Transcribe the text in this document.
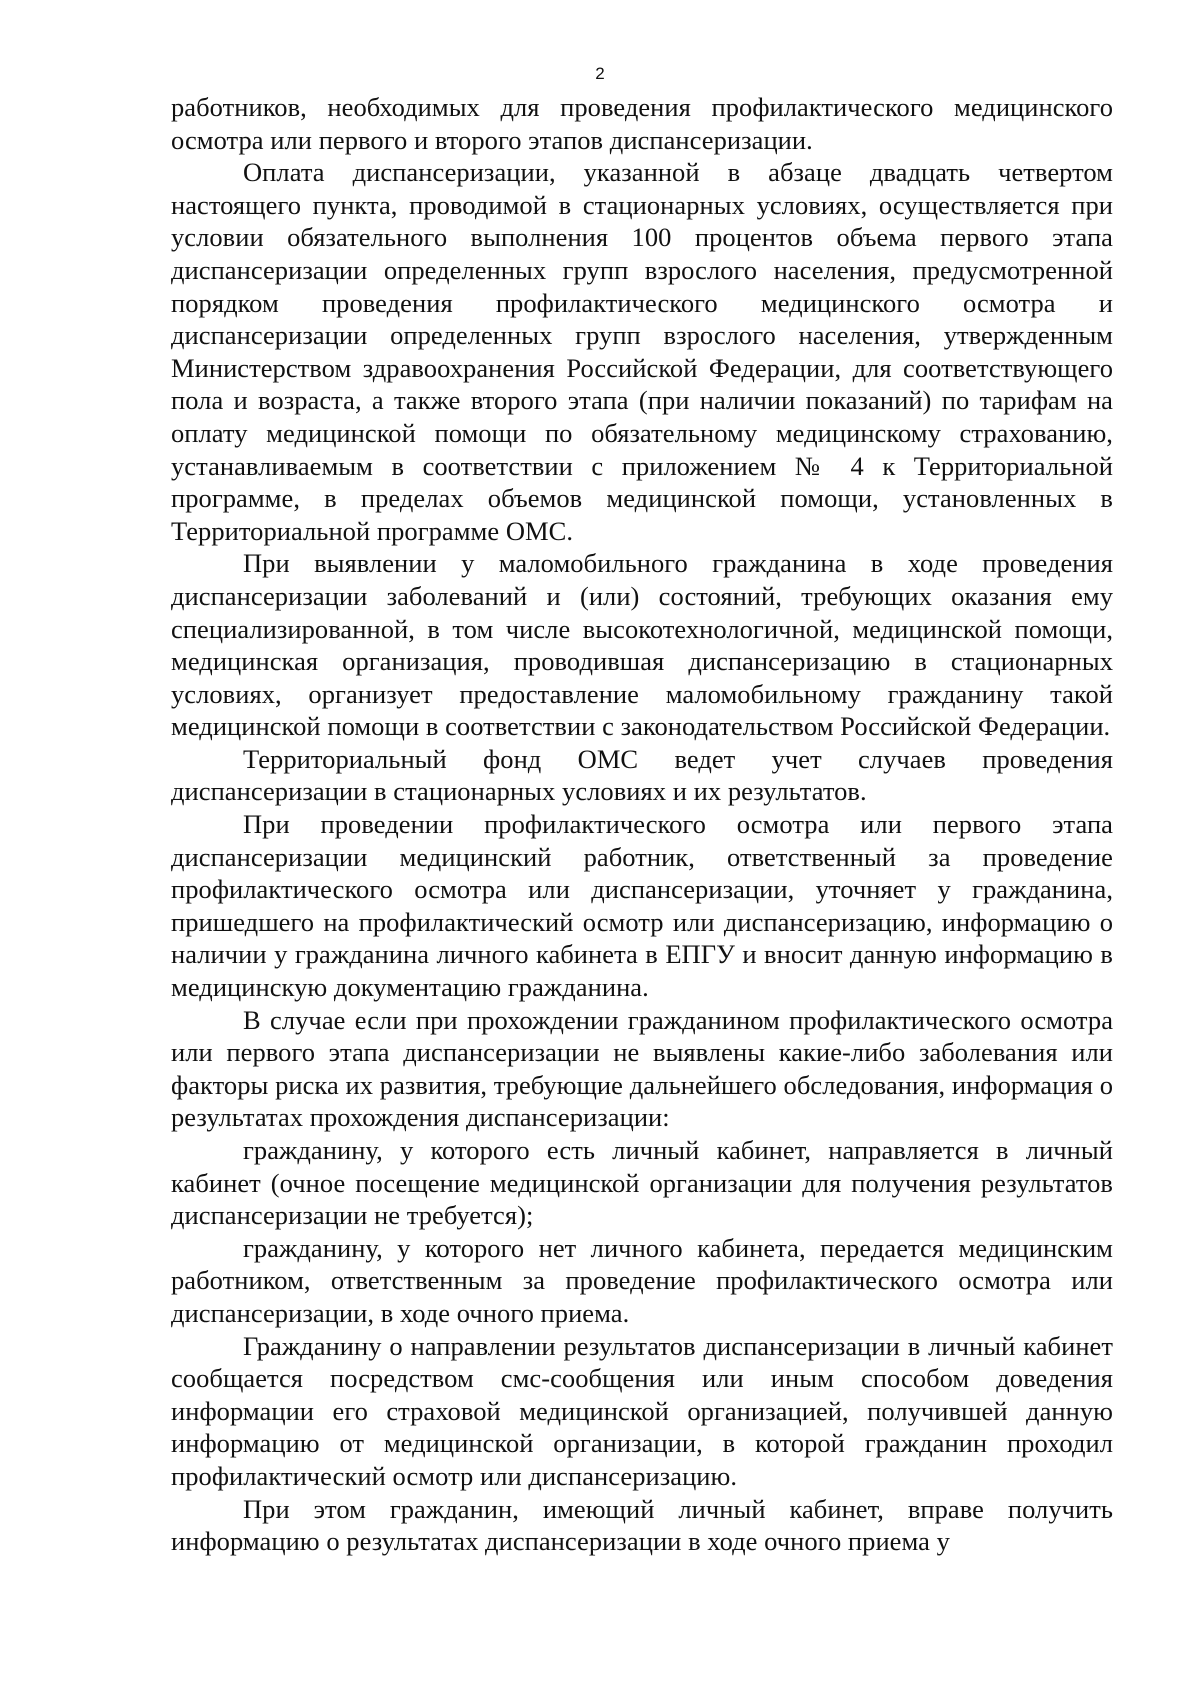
2

работников, необходимых для проведения профилактического медицинского осмотра или первого и второго этапов диспансеризации.

Оплата диспансеризации, указанной в абзаце двадцать четвертом настоящего пункта, проводимой в стационарных условиях, осуществляется при условии обязательного выполнения 100 процентов объема первого этапа диспансеризации определенных групп взрослого населения, предусмотренной порядком проведения профилактического медицинского осмотра и диспансеризации определенных групп взрослого населения, утвержденным Министерством здравоохранения Российской Федерации, для соответствующего пола и возраста, а также второго этапа (при наличии показаний) по тарифам на оплату медицинской помощи по обязательному медицинскому страхованию, устанавливаемым в соответствии с приложением № 4 к Территориальной программе, в пределах объемов медицинской помощи, установленных в Территориальной программе ОМС.

При выявлении у маломобильного гражданина в ходе проведения диспансеризации заболеваний и (или) состояний, требующих оказания ему специализированной, в том числе высокотехнологичной, медицинской помощи, медицинская организация, проводившая диспансеризацию в стационарных условиях, организует предоставление маломобильному гражданину такой медицинской помощи в соответствии с законодательством Российской Федерации.

Территориальный фонд ОМС ведет учет случаев проведения диспансеризации в стационарных условиях и их результатов.

При проведении профилактического осмотра или первого этапа диспансеризации медицинский работник, ответственный за проведение профилактического осмотра или диспансеризации, уточняет у гражданина, пришедшего на профилактический осмотр или диспансеризацию, информацию о наличии у гражданина личного кабинета в ЕПГУ и вносит данную информацию в медицинскую документацию гражданина.

В случае если при прохождении гражданином профилактического осмотра или первого этапа диспансеризации не выявлены какие-либо заболевания или факторы риска их развития, требующие дальнейшего обследования, информация о результатах прохождения диспансеризации:

гражданину, у которого есть личный кабинет, направляется в личный кабинет (очное посещение медицинской организации для получения результатов диспансеризации не требуется);

гражданину, у которого нет личного кабинета, передается медицинским работником, ответственным за проведение профилактического осмотра или диспансеризации, в ходе очного приема.

Гражданину о направлении результатов диспансеризации в личный кабинет сообщается посредством смс-сообщения или иным способом доведения информации его страховой медицинской организацией, получившей данную информацию от медицинской организации, в которой гражданин проходил профилактический осмотр или диспансеризацию.

При этом гражданин, имеющий личный кабинет, вправе получить информацию о результатах диспансеризации в ходе очного приема у
